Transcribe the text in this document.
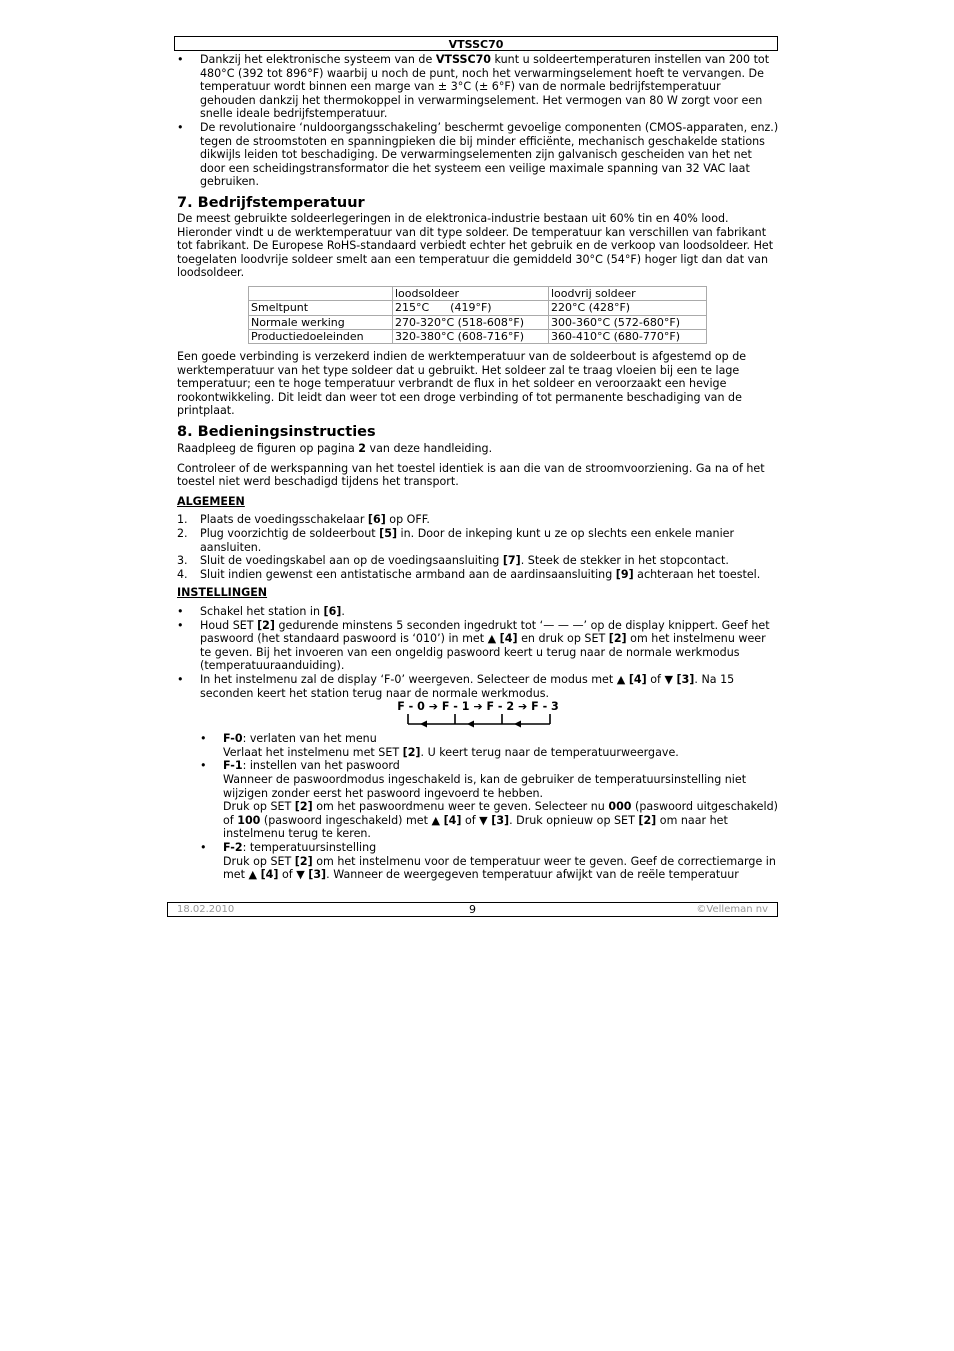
VTSSC70
• Dankzij het elektronische systeem van de VTSSC70 kunt u soldeertemperaturen instellen van 200 tot 480°C (392 tot 896°F) waarbij u noch de punt, noch het verwarmingselement hoeft te vervangen. De temperatuur wordt binnen een marge van ± 3°C (± 6°F) van de normale bedrijfstemperatuur gehouden dankzij het thermokoppel in verwarmingselement. Het vermogen van 80 W zorgt voor een snelle ideale bedrijfstemperatuur.
• De revolutionaire ‘nuldoorgangsschakeling’ beschermt gevoelige componenten (CMOS-apparaten, enz.) tegen de stroomstoten en spanningpieken die bij minder efficiënte, mechanisch geschakelde stations dikwijls leiden tot beschadiging. De verwarmingselementen zijn galvanisch gescheiden van het net door een scheidingstransformator die het systeem een veilige maximale spanning van 32 VAC laat gebruiken.
7. Bedrijfstemperatuur

De meest gebruikte soldeerlegeringen in de elektronica-industrie bestaan uit 60% tin en 40% lood. Hieronder vindt u de werktemperatuur van dit type soldeer. De temperatuur kan verschillen van fabrikant tot fabrikant. De Europese RoHS-standaard verbiedt echter het gebruik en de verkoop van loodsoldeer. Het toegelaten loodvrije soldeer smelt aan een temperatuur die gemiddeld 30°C (54°F) hoger ligt dan dat van loodsoldeer.

	loodsoldeer	loodvrij soldeer
Smeltpunt	215°C      (419°F)	220°C (428°F)
Normale werking	270-320°C (518-608°F)	300-360°C (572-680°F)
Productiedoeleinden	320-380°C (608-716°F)	360-410°C (680-770°F)

Een goede verbinding is verzekerd indien de werktemperatuur van de soldeerbout is afgestemd op de werktemperatuur van het type soldeer dat u gebruikt. Het soldeer zal te traag vloeien bij een te lage temperatuur; een te hoge temperatuur verbrandt de flux in het soldeer en veroorzaakt een hevige rookontwikkeling. Dit leidt dan weer tot een droge verbinding of tot permanente beschadiging van de printplaat.

8. Bedieningsinstructies

Raadpleeg de figuren op pagina 2 van deze handleiding.

Controleer of de werkspanning van het toestel identiek is aan die van de stroomvoorziening. Ga na of het toestel niet werd beschadigd tijdens het transport.

ALGEMEEN

1. Plaats de voedingsschakelaar [6] op OFF.
2. Plug voorzichtig de soldeerbout [5] in. Door de inkeping kunt u ze op slechts een enkele manier aansluiten.
3. Sluit de voedingskabel aan op de voedingsaansluiting [7]. Steek de stekker in het stopcontact.
4. Sluit indien gewenst een antistatische armband aan de aardinsaansluiting [9] achteraan het toestel.

INSTELLINGEN

• Schakel het station in [6].
• Houd SET [2] gedurende minstens 5 seconden ingedrukt tot ‘— — —’ op de display knippert. Geef het paswoord (het standaard paswoord is ‘010’) in met ▲ [4] en druk op SET [2] om het instelmenu weer te geven. Bij het invoeren van een ongeldig paswoord keert u terug naar de normale werkmodus (temperatuuraanduiding).
• In het instelmenu zal de display ‘F-0’ weergeven. Selecteer de modus met ▲ [4] of ▼ [3]. Na 15 seconden keert het station terug naar de normale werkmodus.
F - 0 ➔ F - 1 ➔ F - 2 ➔ F - 3
• F-0: verlaten van het menu
Verlaat het instelmenu met SET [2]. U keert terug naar de temperatuurweergave.
• F-1: instellen van het paswoord
Wanneer de paswoordmodus ingeschakeld is, kan de gebruiker de temperatuursinstelling niet wijzigen zonder eerst het paswoord ingevoerd te hebben.
Druk op SET [2] om het paswoordmenu weer te geven. Selecteer nu 000 (paswoord uitgeschakeld) of 100 (paswoord ingeschakeld) met ▲ [4] of ▼ [3]. Druk opnieuw op SET [2] om naar het instelmenu terug te keren.
• F-2: temperatuursinstelling
Druk op SET [2] om het instelmenu voor de temperatuur weer te geven. Geef de correctiemarge in met ▲ [4] of ▼ [3]. Wanneer de weergegeven temperatuur afwijkt van de reële temperatuur
18.02.2010	9	©Velleman nv
